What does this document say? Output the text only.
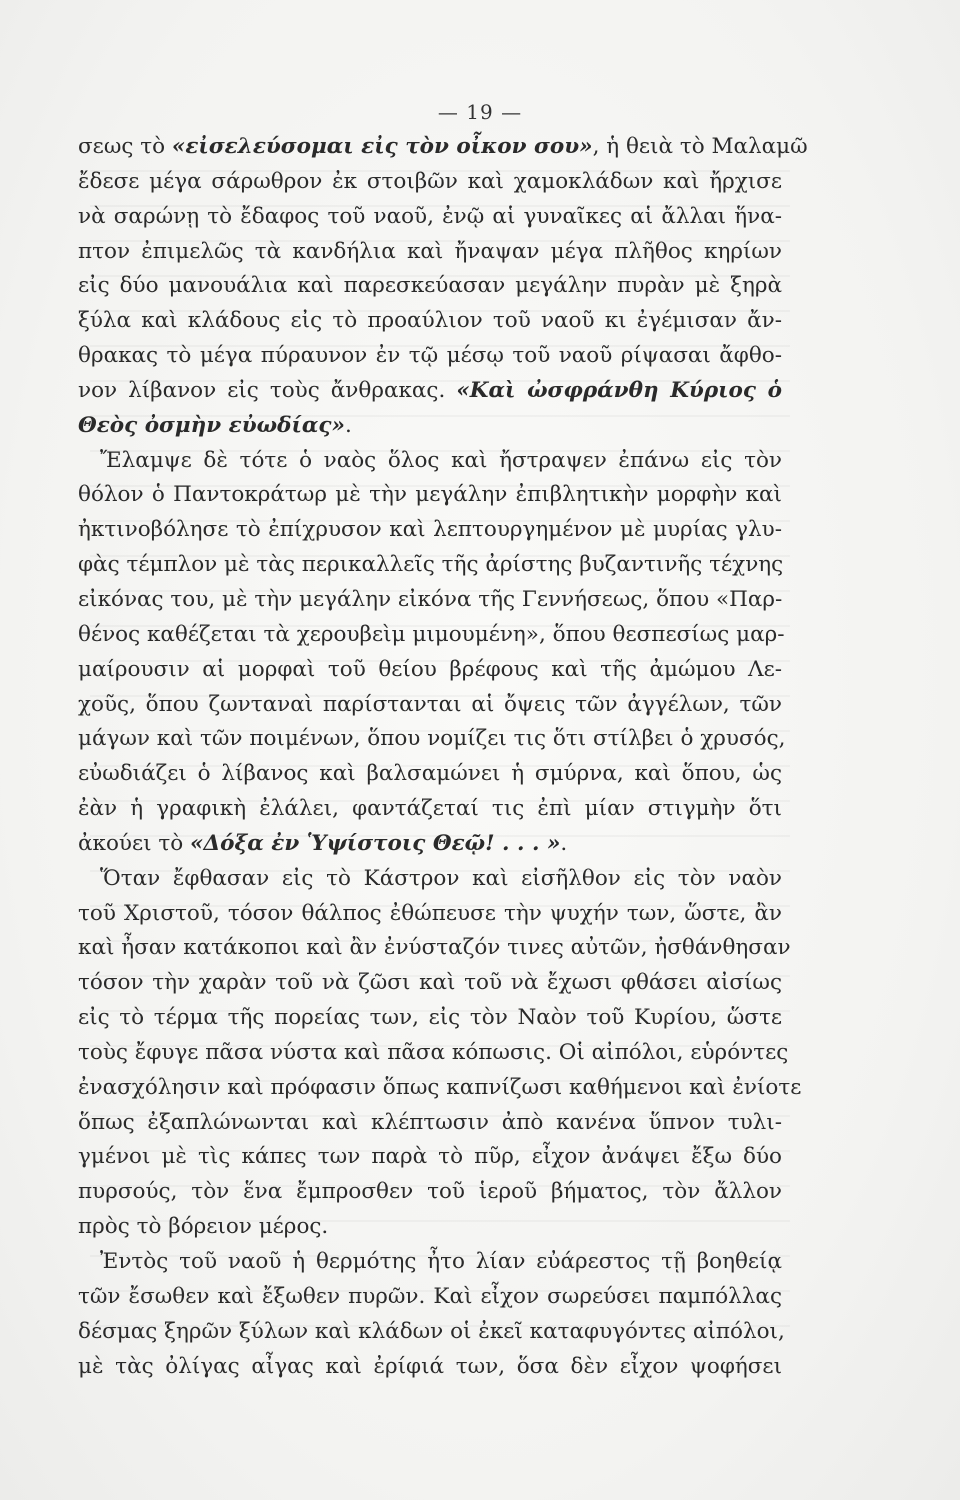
— 19 —
σεως τὸ «εἰσελεύσομαι εἰς τὸν οἶκον σου», ἡ θειὰ τὸ Μαλαμῶ
ἔδεσε μέγα σάρωθρον ἐκ στοιβῶν καὶ χαμοκλάδων καὶ ἤρχισε
νὰ σαρώνῃ τὸ ἔδαφος τοῦ ναοῦ, ἐνῷ αἱ γυναῖκες αἱ ἄλλαι ἥνα-
πτον ἐπιμελῶς τὰ κανδήλια καὶ ἤναψαν μέγα πλῆθος κηρίων
εἰς δύο μανουάλια καὶ παρεσκεύασαν μεγάλην πυρὰν μὲ ξηρὰ
ξύλα καὶ κλάδους εἰς τὸ προαύλιον τοῦ ναοῦ κι ἐγέμισαν ἄν-
θρακας τὸ μέγα πύραυνον ἐν τῷ μέσῳ τοῦ ναοῦ ρίψασαι ἄφθο-
νον λίβανον εἰς τοὺς ἄνθρακας. «Καὶ ὠσφράνθη Κύριος ὁ
Θεὸς ὀσμὴν εὐωδίας».
Ἔλαμψε δὲ τότε ὁ ναὸς ὅλος καὶ ἤστραψεν ἐπάνω εἰς τὸν
θόλον ὁ Παντοκράτωρ μὲ τὴν μεγάλην ἐπιβλητικὴν μορφὴν καὶ
ἠκτινοβόλησε τὸ ἐπίχρυσον καὶ λεπτουργημένον μὲ μυρίας γλυ-
φὰς τέμπλον μὲ τὰς περικαλλεῖς τῆς ἀρίστης βυζαντινῆς τέχνης
εἰκόνας του, μὲ τὴν μεγάλην εἰκόνα τῆς Γεννήσεως, ὅπου «Παρ-
θένος καθέζεται τὰ χερουβεὶμ μιμουμένη», ὅπου θεσπεσίως μαρ-
μαίρουσιν αἱ μορφαὶ τοῦ θείου βρέφους καὶ τῆς ἀμώμου Λε-
χοῦς, ὅπου ζωνταναὶ παρίστανται αἱ ὄψεις τῶν ἀγγέλων, τῶν
μάγων καὶ τῶν ποιμένων, ὅπου νομίζει τις ὅτι στίλβει ὁ χρυσός,
εὐωδιάζει ὁ λίβανος καὶ βαλσαμώνει ἡ σμύρνα, καὶ ὅπου, ὡς
ἐὰν ἡ γραφικὴ ἐλάλει, φαντάζεταί τις ἐπὶ μίαν στιγμὴν ὅτι
ἀκούει τὸ «Δόξα ἐν Ὑψίστοις Θεῷ! . . . ».
Ὅταν ἔφθασαν εἰς τὸ Κάστρον καὶ εἰσῆλθον εἰς τὸν ναὸν
τοῦ Χριστοῦ, τόσον θάλπος ἐθώπευσε τὴν ψυχήν των, ὥστε, ἂν
καὶ ἦσαν κατάκοποι καὶ ἂν ἐνύσταζόν τινες αὐτῶν, ἠσθάνθησαν
τόσον τὴν χαρὰν τοῦ νὰ ζῶσι καὶ τοῦ νὰ ἔχωσι φθάσει αἰσίως
εἰς τὸ τέρμα τῆς πορείας των, εἰς τὸν Ναὸν τοῦ Κυρίου, ὥστε
τοὺς ἔφυγε πᾶσα νύστα καὶ πᾶσα κόπωσις. Οἱ αἰπόλοι, εὑρόντες
ἐνασχόλησιν καὶ πρόφασιν ὅπως καπνίζωσι καθήμενοι καὶ ἐνίοτε
ὅπως ἐξαπλώνωνται καὶ κλέπτωσιν ἀπὸ κανένα ὕπνον τυλι-
γμένοι μὲ τὶς κάπες των παρὰ τὸ πῦρ, εἶχον ἀνάψει ἔξω δύο
πυρσούς, τὸν ἕνα ἔμπροσθεν τοῦ ἱεροῦ βήματος, τὸν ἄλλον
πρὸς τὸ βόρειον μέρος.
Ἐντὸς τοῦ ναοῦ ἡ θερμότης ἦτο λίαν εὐάρεστος τῇ βοηθείᾳ
τῶν ἔσωθεν καὶ ἔξωθεν πυρῶν. Καὶ εἶχον σωρεύσει παμπόλλας
δέσμας ξηρῶν ξύλων καὶ κλάδων οἱ ἐκεῖ καταφυγόντες αἰπόλοι,
μὲ τὰς ὀλίγας αἶγας καὶ ἐρίφιά των, ὅσα δὲν εἶχον ψοφήσει
